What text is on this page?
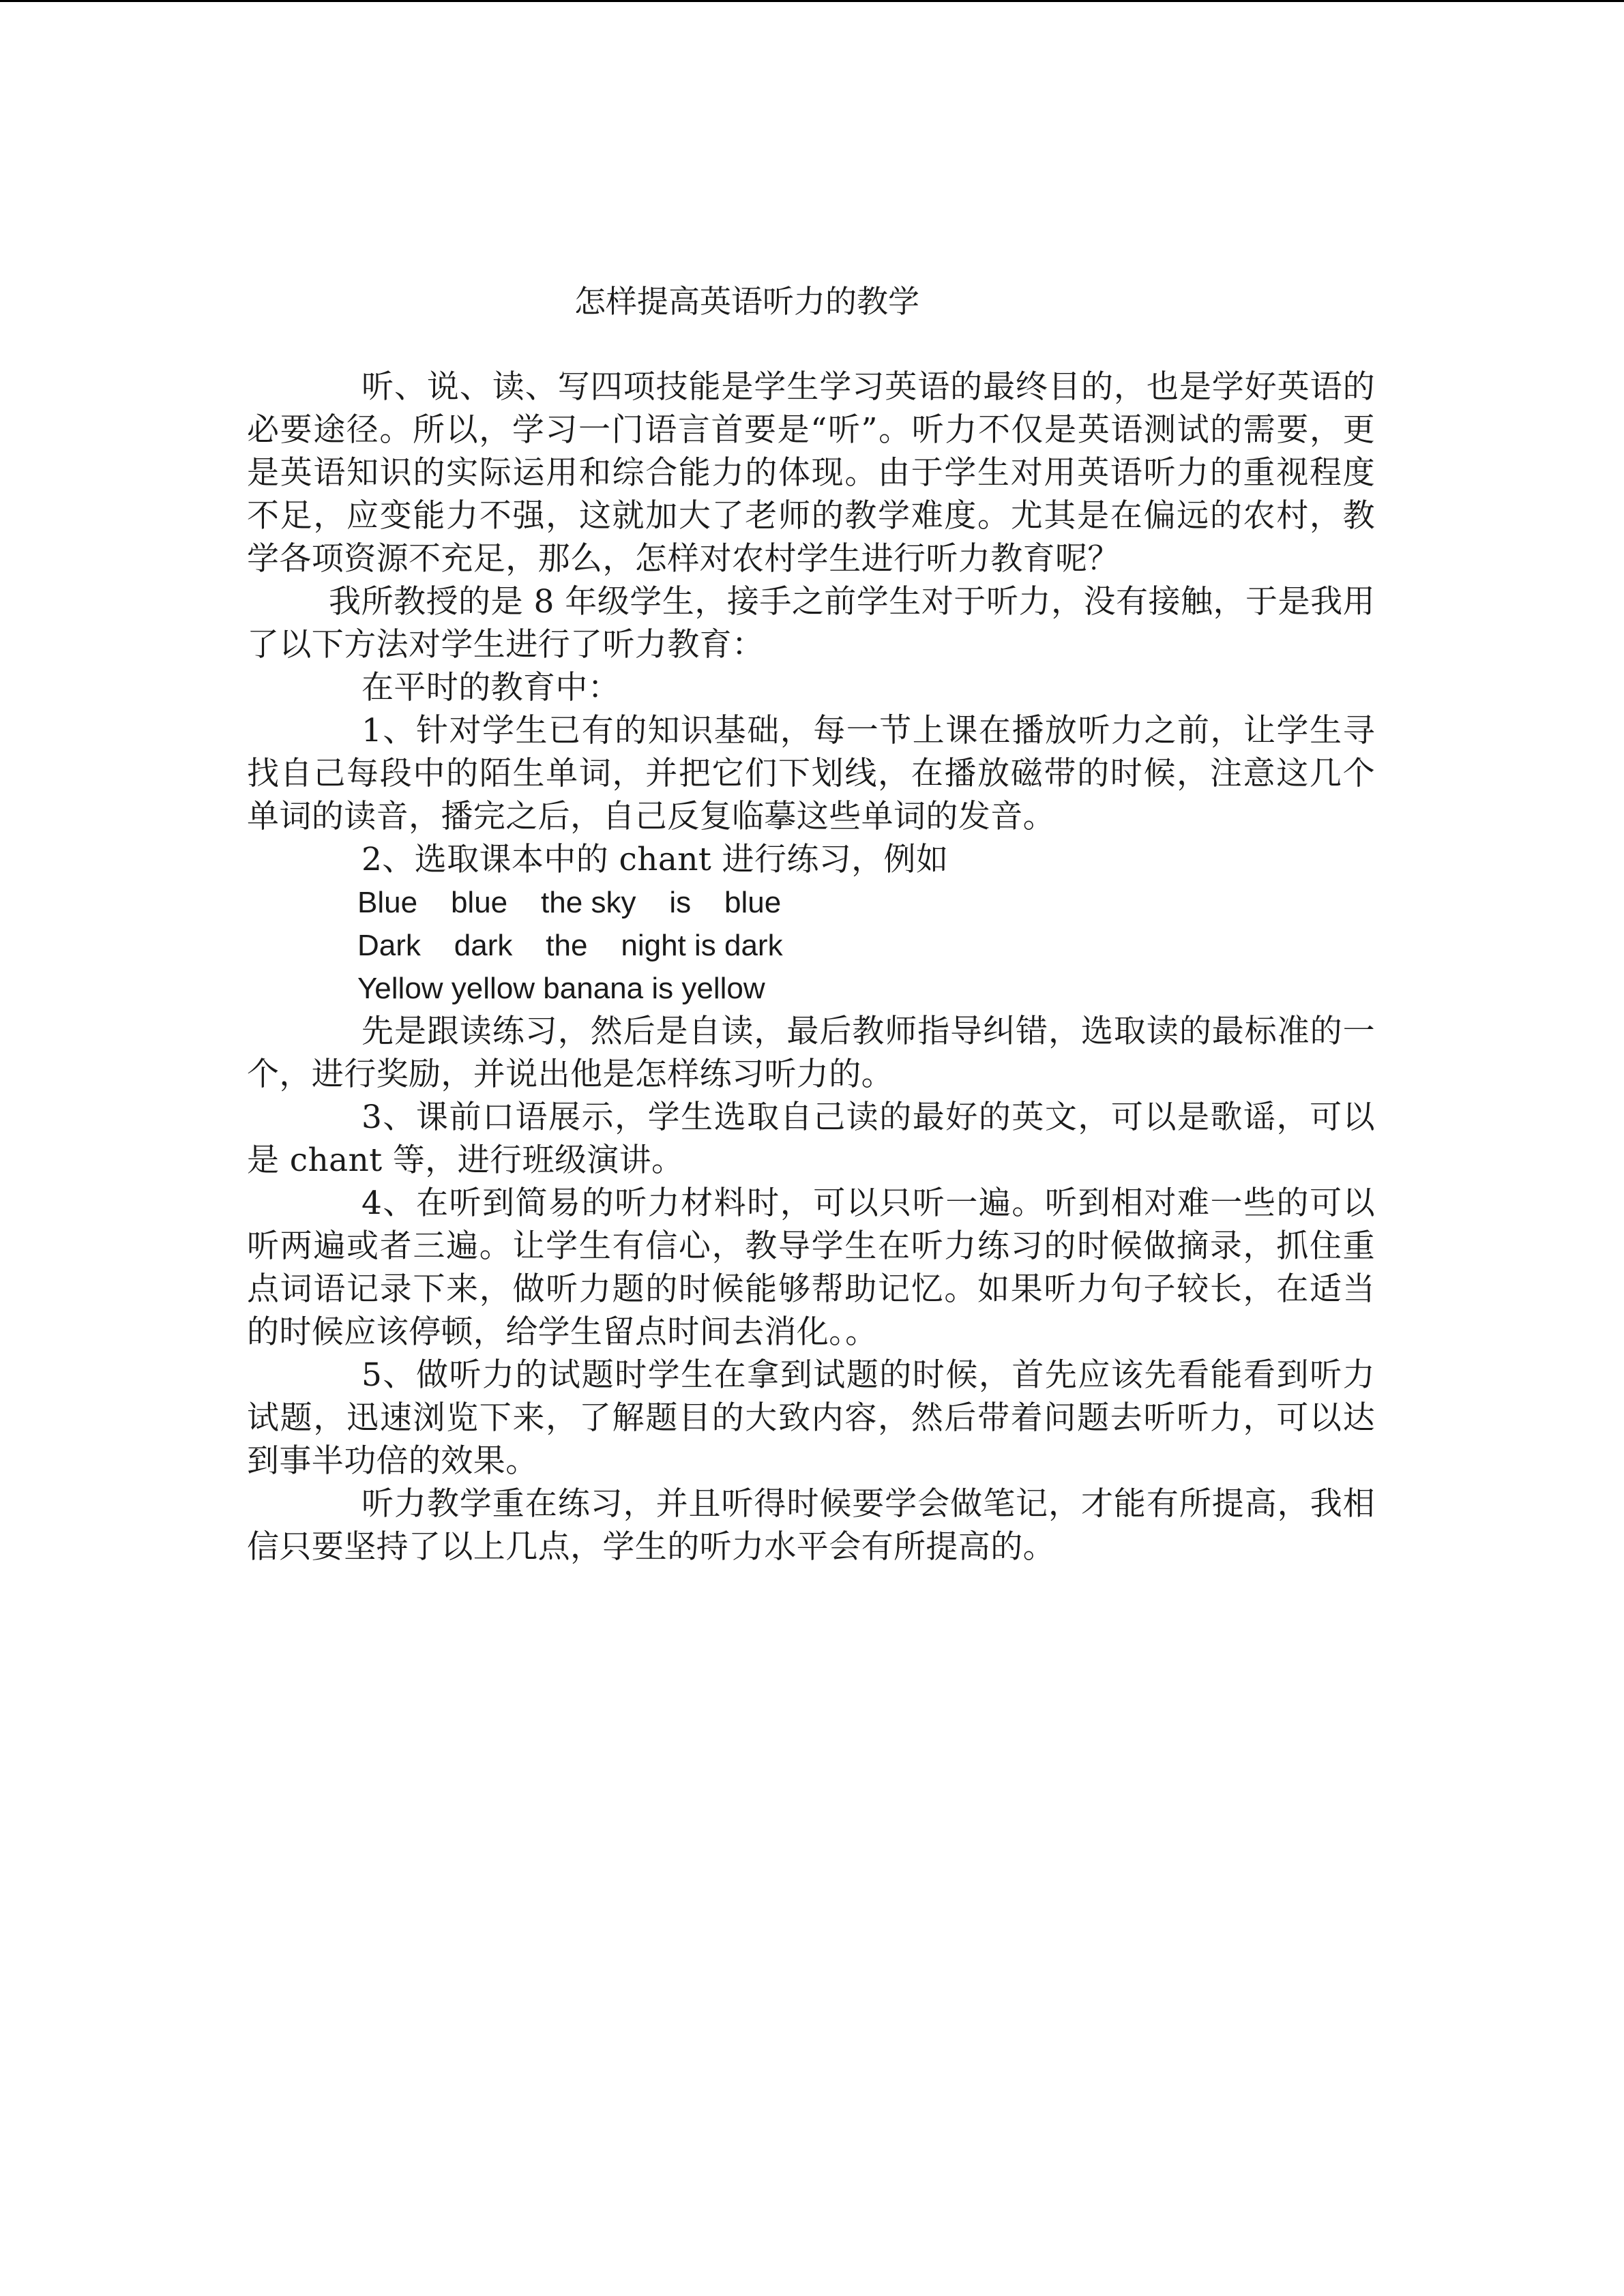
怎样提高英语听力的教学

听、说、读、写四项技能是学生学习英语的最终目的，也是学好英语的必要途径。所以，学习一门语言首要是“听”。听力不仅是英语测试的需要，更是英语知识的实际运用和综合能力的体现。由于学生对用英语听力的重视程度不足，应变能力不强，这就加大了老师的教学难度。尤其是在偏远的农村，教学各项资源不充足，那么，怎样对农村学生进行听力教育呢？

我所教授的是 8 年级学生，接手之前学生对于听力，没有接触，于是我用了以下方法对学生进行了听力教育：

在平时的教育中：

1、针对学生已有的知识基础，每一节上课在播放听力之前，让学生寻找自己每段中的陌生单词，并把它们下划线，在播放磁带的时候，注意这几个单词的读音，播完之后，自己反复临摹这些单词的发音。

2、选取课本中的 chant 进行练习，例如

Blue    blue    the sky    is    blue
Dark    dark    the    night is dark
Yellow yellow banana is yellow

先是跟读练习，然后是自读，最后教师指导纠错，选取读的最标准的一个，进行奖励，并说出他是怎样练习听力的。

3、课前口语展示，学生选取自己读的最好的英文，可以是歌谣，可以是 chant 等，进行班级演讲。

4、在听到简易的听力材料时，可以只听一遍。听到相对难一些的可以听两遍或者三遍。让学生有信心，教导学生在听力练习的时候做摘录，抓住重点词语记录下来，做听力题的时候能够帮助记忆。如果听力句子较长，在适当的时候应该停顿，给学生留点时间去消化。。

5、做听力的试题时学生在拿到试题的时候，首先应该先看能看到听力试题，迅速浏览下来，了解题目的大致内容，然后带着问题去听听力，可以达到事半功倍的效果。

听力教学重在练习，并且听得时候要学会做笔记，才能有所提高，我相信只要坚持了以上几点，学生的听力水平会有所提高的。
